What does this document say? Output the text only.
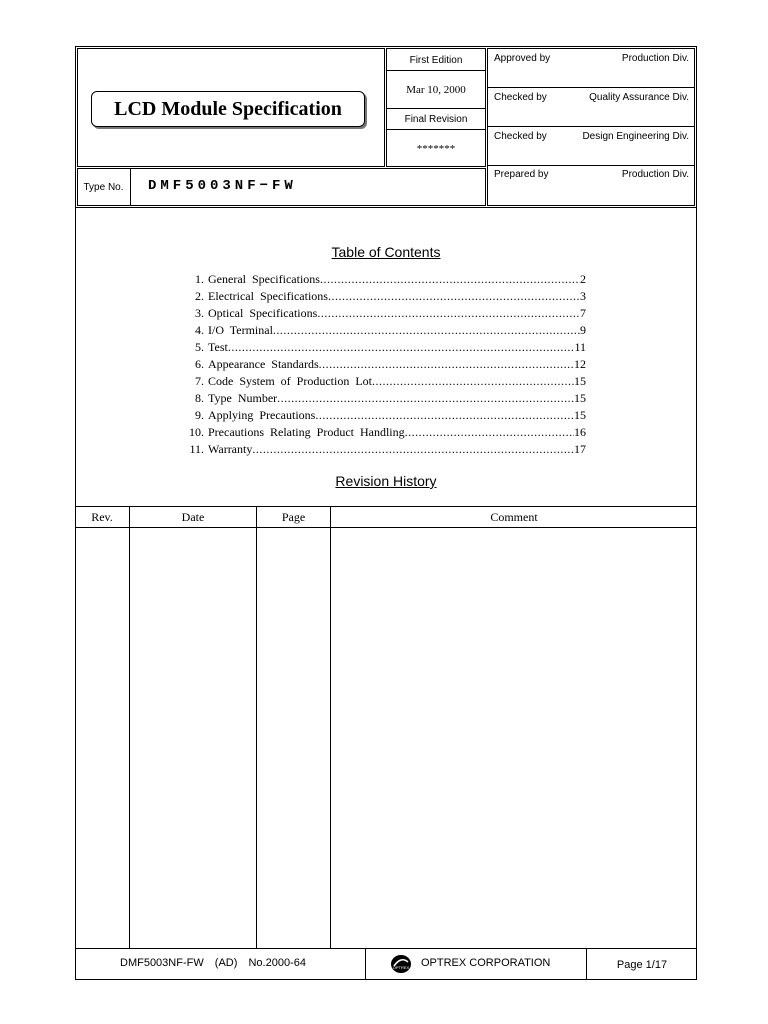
LCD Module Specification
First Edition
Mar 10, 2000
Final Revision
*******
Type No.	DMF5003NF−FW
Approved by	Production Div.
Checked by	Quality Assurance Div.
Checked by	Design Engineering Div.
Prepared by	Production Div.
Table of Contents
1. General Specifications .....	2
2. Electrical Specifications .....	3
3. Optical Specifications .....	7
4. I/O Terminal .....	9
5. Test .....	11
6. Appearance Standards .....	12
7. Code System of Production Lot .....	15
8. Type Number .....	15
9. Applying Precautions .....	15
10. Precautions Relating Product Handling .....	16
11. Warranty .....	17
Revision History
Rev.	Date	Page	Comment
DMF5003NF-FW (AD) No.2000-64	OPTREX OPTREX CORPORATION	Page 1/17
